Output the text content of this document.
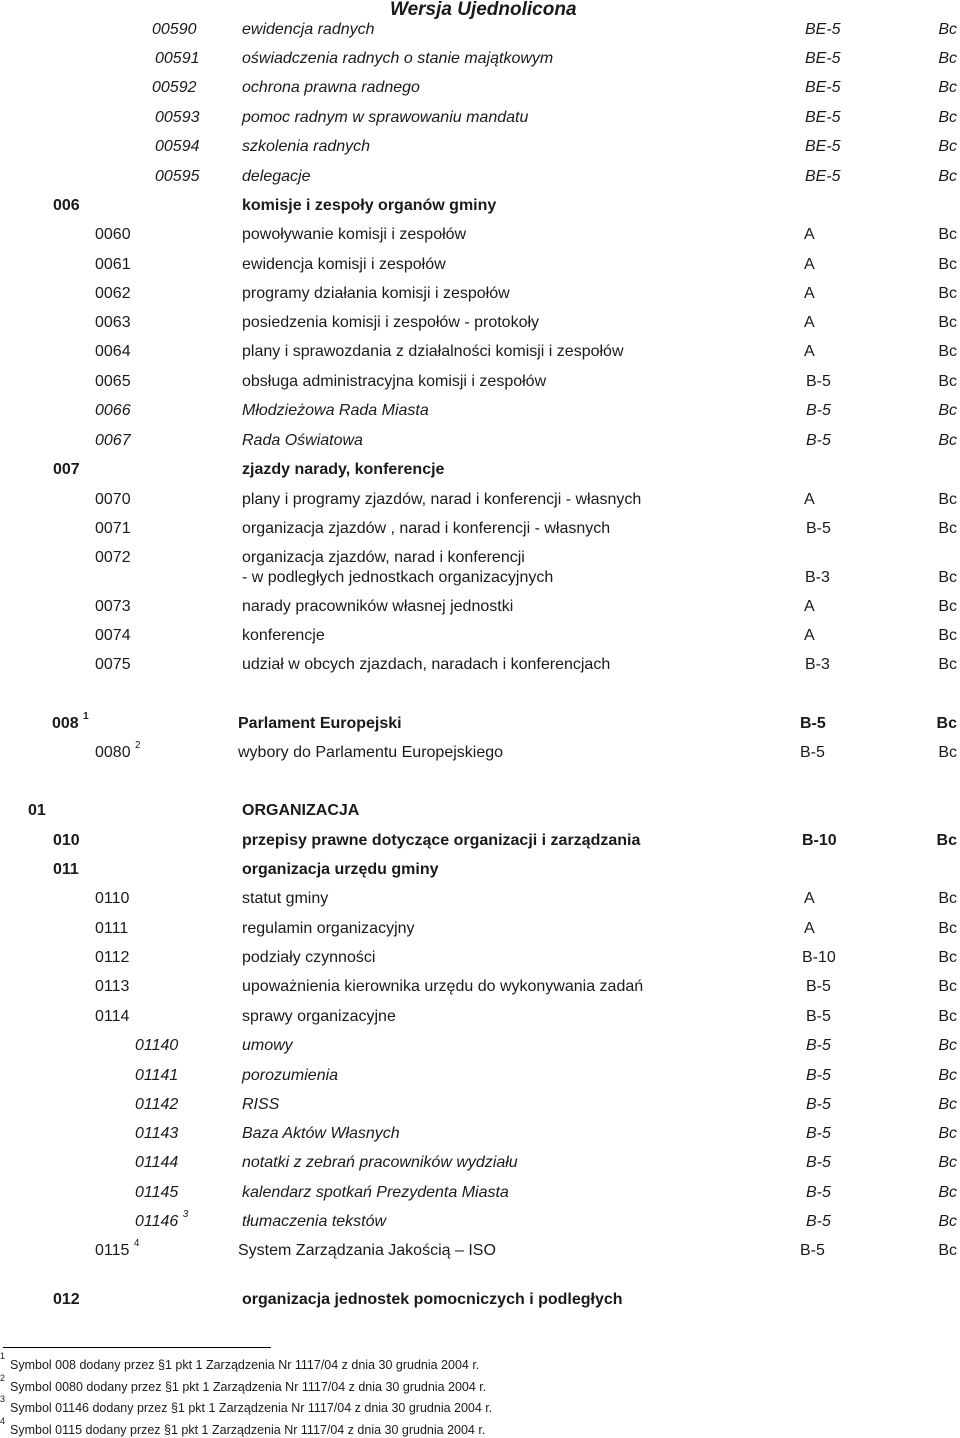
Wersja Ujednolicona
00590	ewidencja radnych	BE-5	Bc
00591	oświadczenia radnych o stanie majątkowym	BE-5	Bc
00592	ochrona prawna radnego	BE-5	Bc
00593	pomoc radnym w sprawowaniu mandatu	BE-5	Bc
00594	szkolenia radnych	BE-5	Bc
00595	delegacje	BE-5	Bc
006	komisje i zespoły organów gminy
0060	powoływanie komisji i zespołów	A	Bc
0061	ewidencja komisji i zespołów	A	Bc
0062	programy działania komisji i zespołów	A	Bc
0063	posiedzenia komisji i zespołów - protokoły	A	Bc
0064	plany i sprawozdania z działalności komisji i zespołów	A	Bc
0065	obsługa administracyjna komisji i zespołów	B-5	Bc
0066	Młodzieżowa Rada Miasta	B-5	Bc
0067	Rada Oświatowa	B-5	Bc
007	zjazdy narady, konferencje
0070	plany i programy zjazdów, narad i konferencji - własnych	A	Bc
0071	organizacja zjazdów , narad i konferencji - własnych	B-5	Bc
0072	organizacja zjazdów, narad i konferencji
- w podległych jednostkach organizacyjnych	B-3	Bc
0073	narady pracowników własnej jednostki	A	Bc
0074	konferencje	A	Bc
0075	udział w obcych zjazdach, naradach i konferencjach	B-3	Bc
008 $^1$	Parlament Europejski	B-5	Bc
0080 $^2$	wybory do Parlamentu Europejskiego	B-5	Bc
01	ORGANIZACJA
010	przepisy prawne dotyczące organizacji i zarządzania	B-10	Bc
011	organizacja urzędu gminy
0110	statut gminy	A	Bc
0111	regulamin organizacyjny	A	Bc
0112	podziały czynności	B-10	Bc
0113	upoważnienia kierownika urzędu do wykonywania zadań	B-5	Bc
0114	sprawy organizacyjne	B-5	Bc
01140	umowy	B-5	Bc
01141	porozumienia	B-5	Bc
01142	RISS	B-5	Bc
01143	Baza Aktów Własnych	B-5	Bc
01144	notatki z zebrań pracowników wydziału	B-5	Bc
01145	kalendarz spotkań Prezydenta Miasta	B-5	Bc
01146 $^3$	tłumaczenia tekstów	B-5	Bc
0115 $^4$	System Zarządzania Jakością – ISO	B-5	Bc
012	organizacja jednostek pomocniczych i podległych
$^1$
Symbol 008 dodany przez §1 pkt 1 Zarządzenia Nr 1117/04 z dnia 30 grudnia 2004 r.
$^2$
Symbol 0080 dodany przez §1 pkt 1 Zarządzenia Nr 1117/04 z dnia 30 grudnia 2004 r.
$^3$
Symbol 01146 dodany przez §1 pkt 1 Zarządzenia Nr 1117/04 z dnia 30 grudnia 2004 r.
$^4$
Symbol 0115 dodany przez §1 pkt 1 Zarządzenia Nr 1117/04 z dnia 30 grudnia 2004 r.
